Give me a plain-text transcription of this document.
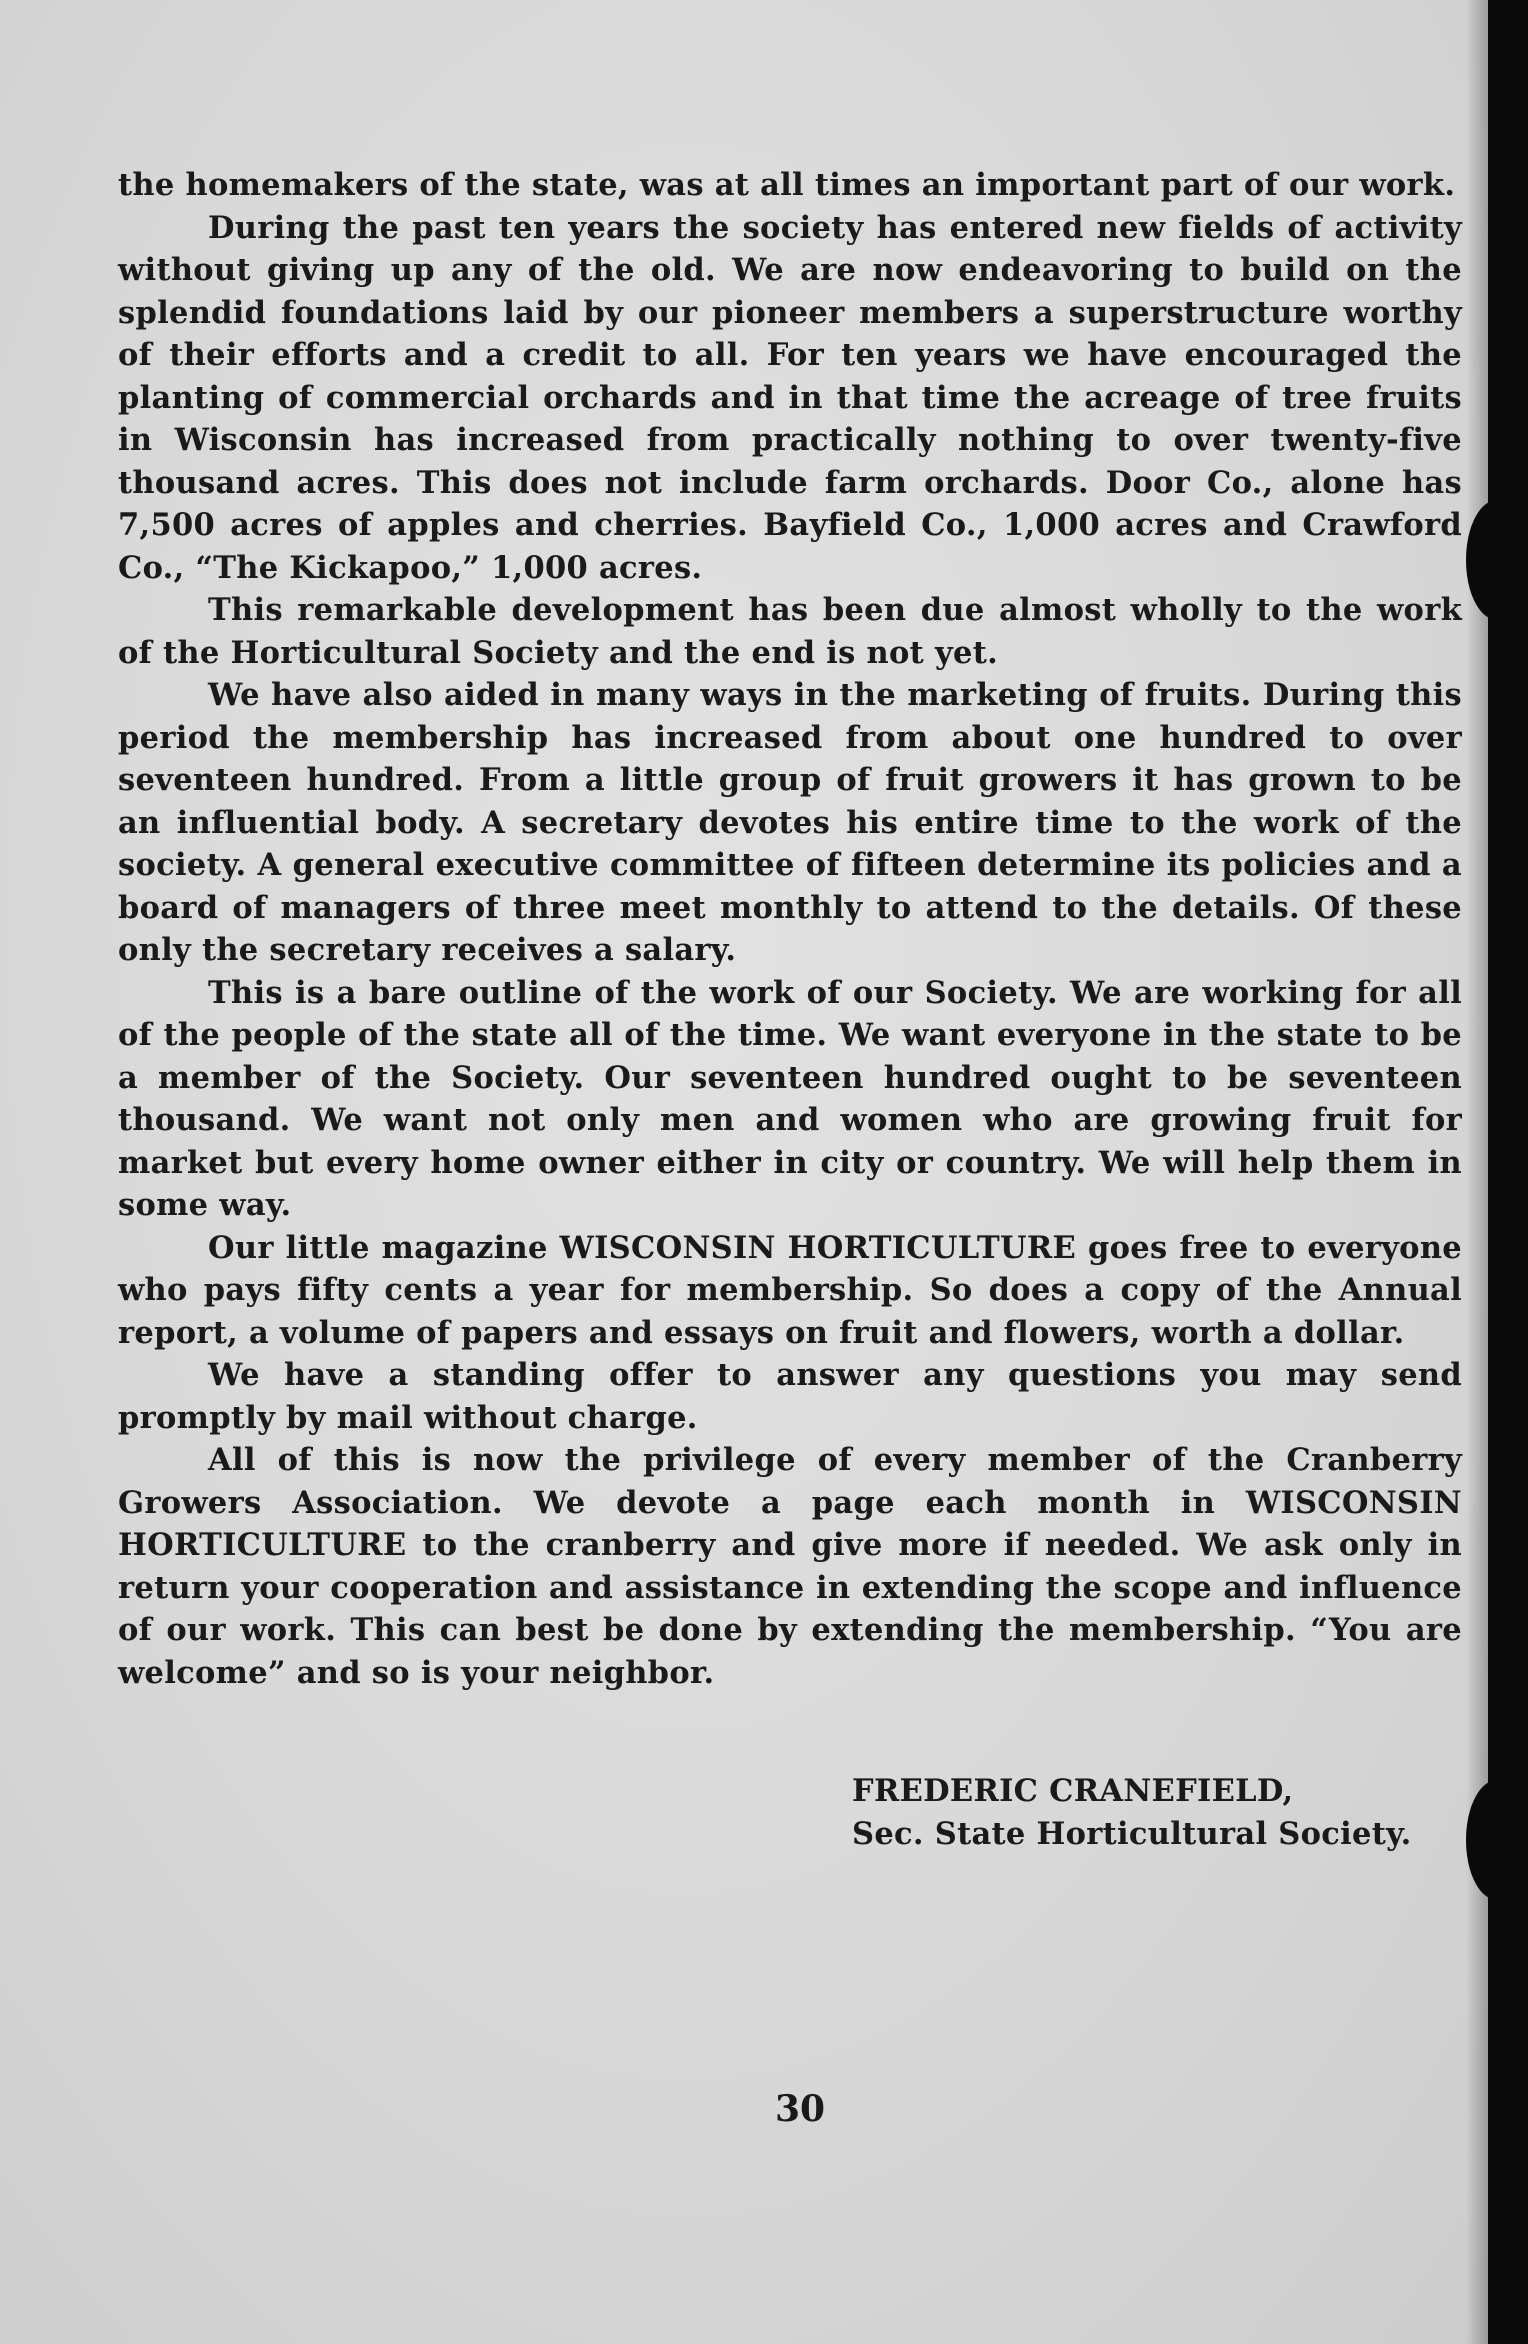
the homemakers of the state, was at all times an important part of our work.

During the past ten years the society has entered new fields of activity without giving up any of the old. We are now endeavoring to build on the splendid foundations laid by our pioneer members a superstructure worthy of their efforts and a credit to all. For ten years we have encouraged the planting of commercial orchards and in that time the acreage of tree fruits in Wisconsin has increased from practically nothing to over twenty-five thousand acres. This does not include farm orchards. Door Co., alone has 7,500 acres of apples and cherries. Bayfield Co., 1,000 acres and Crawford Co., “The Kickapoo,” 1,000 acres.

This remarkable development has been due almost wholly to the work of the Horticultural Society and the end is not yet.

We have also aided in many ways in the marketing of fruits. During this period the membership has increased from about one hundred to over seventeen hundred. From a little group of fruit growers it has grown to be an influential body. A secretary devotes his entire time to the work of the society. A general executive committee of fifteen determine its policies and a board of managers of three meet monthly to attend to the details. Of these only the secretary receives a salary.

This is a bare outline of the work of our Society. We are working for all of the people of the state all of the time. We want everyone in the state to be a member of the Society. Our seventeen hundred ought to be seventeen thousand. We want not only men and women who are growing fruit for market but every home owner either in city or country. We will help them in some way.

Our little magazine WISCONSIN HORTICULTURE goes free to everyone who pays fifty cents a year for membership. So does a copy of the Annual report, a volume of papers and essays on fruit and flowers, worth a dollar.

We have a standing offer to answer any questions you may send promptly by mail without charge.

All of this is now the privilege of every member of the Cranberry Growers Association. We devote a page each month in WISCONSIN HORTICULTURE to the cranberry and give more if needed. We ask only in return your cooperation and assistance in extending the scope and influence of our work. This can best be done by extending the membership. “You are welcome” and so is your neighbor.

FREDERIC CRANEFIELD,
Sec. State Horticultural Society.
30
